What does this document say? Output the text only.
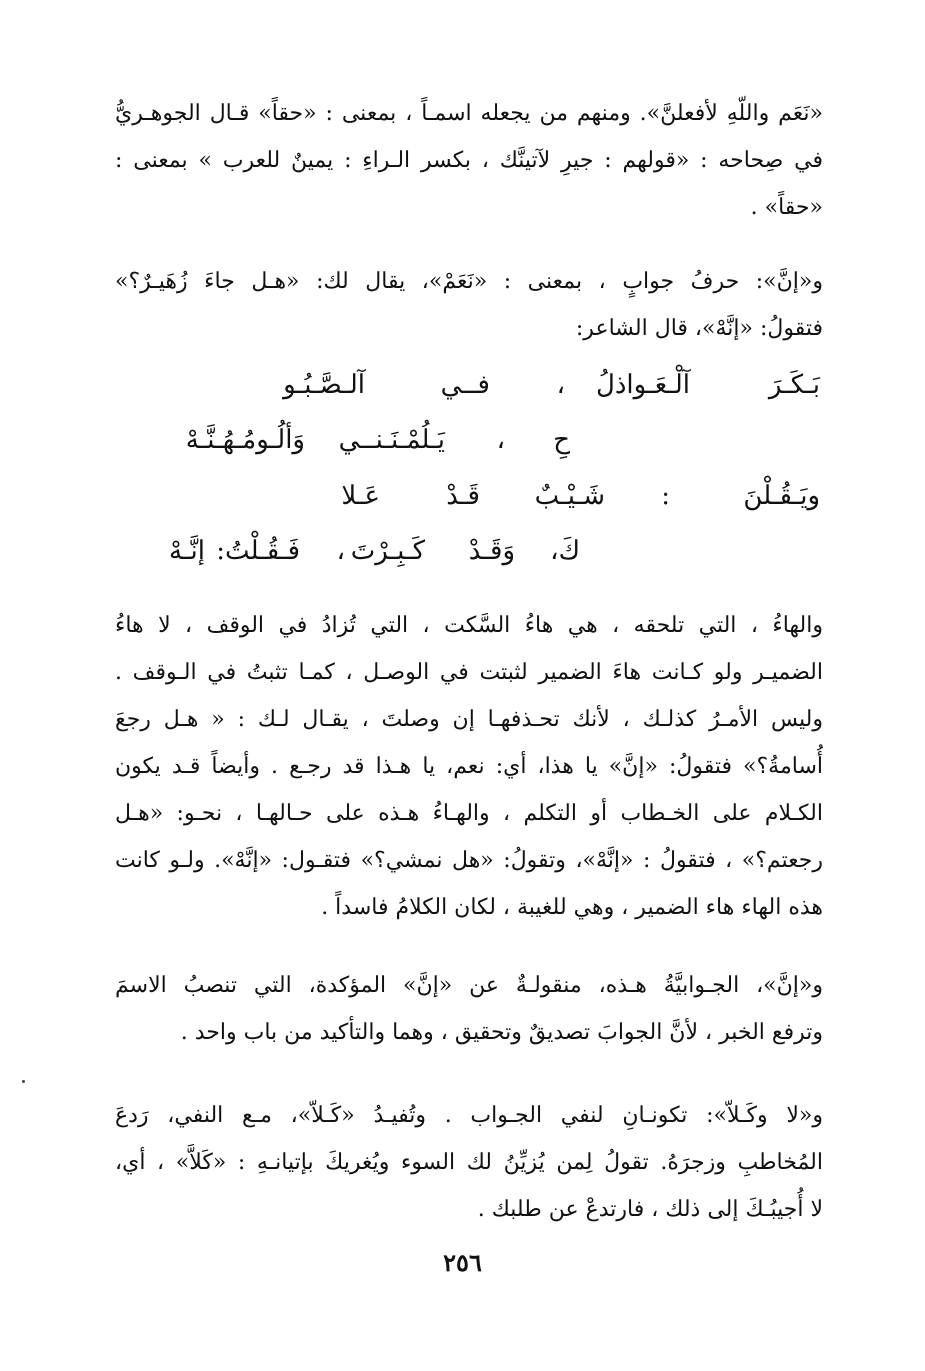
«نَعَم واللّهِ لأفعلنَّ». ومنهم من يجعله اسمـاً ، بمعنى : «حقاً» قـال الجوهـريُّ
في صِحاحه : «قولهم : جيرِ لآتينَّك ، بكسر الـراءِ : يمينٌ للعرب » بمعنى :
«حقاً» .
و«إنَّ»: حرفُ جوابٍ ، بمعنى : «نَعَمْ»، يقال لك: «هـل جاءَ زُهَيـرٌ؟»
فتقولُ: «إنَّهْ»، قال الشاعر:
بَـكَـرَ
آلْـعَـواذلُ
،
فــي
آلـصَّـبُـو
حِ
،
يَـلُمْـنَـنــي
وَألُـومُـهُـنَّـهْ
ويَـقُـلْنَ
:
شَـيْـبٌ
قَـدْ
عَـلا
كَ،
وَقَـدْ
كَـبِـرْتَ
،
فَـقُـلْتُ:
إنَّـهْ
والهاءُ ، التي تلحقه ، هي هاءُ السَّكت ، التي تُزادُ في الوقف ، لا هاءُ
الضميـر ولو كـانت هاءَ الضمير لثبتت في الوصـل ، كمـا تثبتُ في الـوقف .
وليس الأمـرُ كذلـك ، لأنك تحـذفهـا إن وصلتَ ، يقـال لـك : « هـل رجعَ
أُسامةُ؟» فتقولُ: «إنَّ» يا هذا، أي: نعم، يا هـذا قد رجـع . وأيضاً قـد يكون
الكـلام على الخـطاب أو التكلم ، والهـاءُ هـذه على حـالهـا ، نحـو: «هـل
رجعتم؟» ، فتقولُ : «إنَّهْ»، وتقولُ: «هل نمشي؟» فتقـول: «إنَّهْ». ولـو كانت
هذه الهاء هاء الضمير ، وهي للغيبة ، لكان الكلامُ فاسداً .
و«إنَّ»، الجـوابيَّةُ هـذه، منقولـةٌ عن «إنَّ» المؤكدة، التي تنصبُ الاسمَ
وترفع الخبر ، لأنَّ الجوابَ تصديقٌ وتحقيق ، وهما والتأكيد من باب واحد .
و«لا وكَـلاّ»: تكونـانِ لنفي الجـواب . وتُفيـدُ «كَـلاّ»، مـع النفي، رَدعَ
المُخاطبِ وزجرَهُ. تقولُ لِمن يُزيِّنُ لك السوء ويُغريكَ بإتيانـهِ : «كَلاَّ» ، أي،
لا أُجيبُـكَ إلى ذلك ، فارتدعْ عن طلبك .
٢٥٦
